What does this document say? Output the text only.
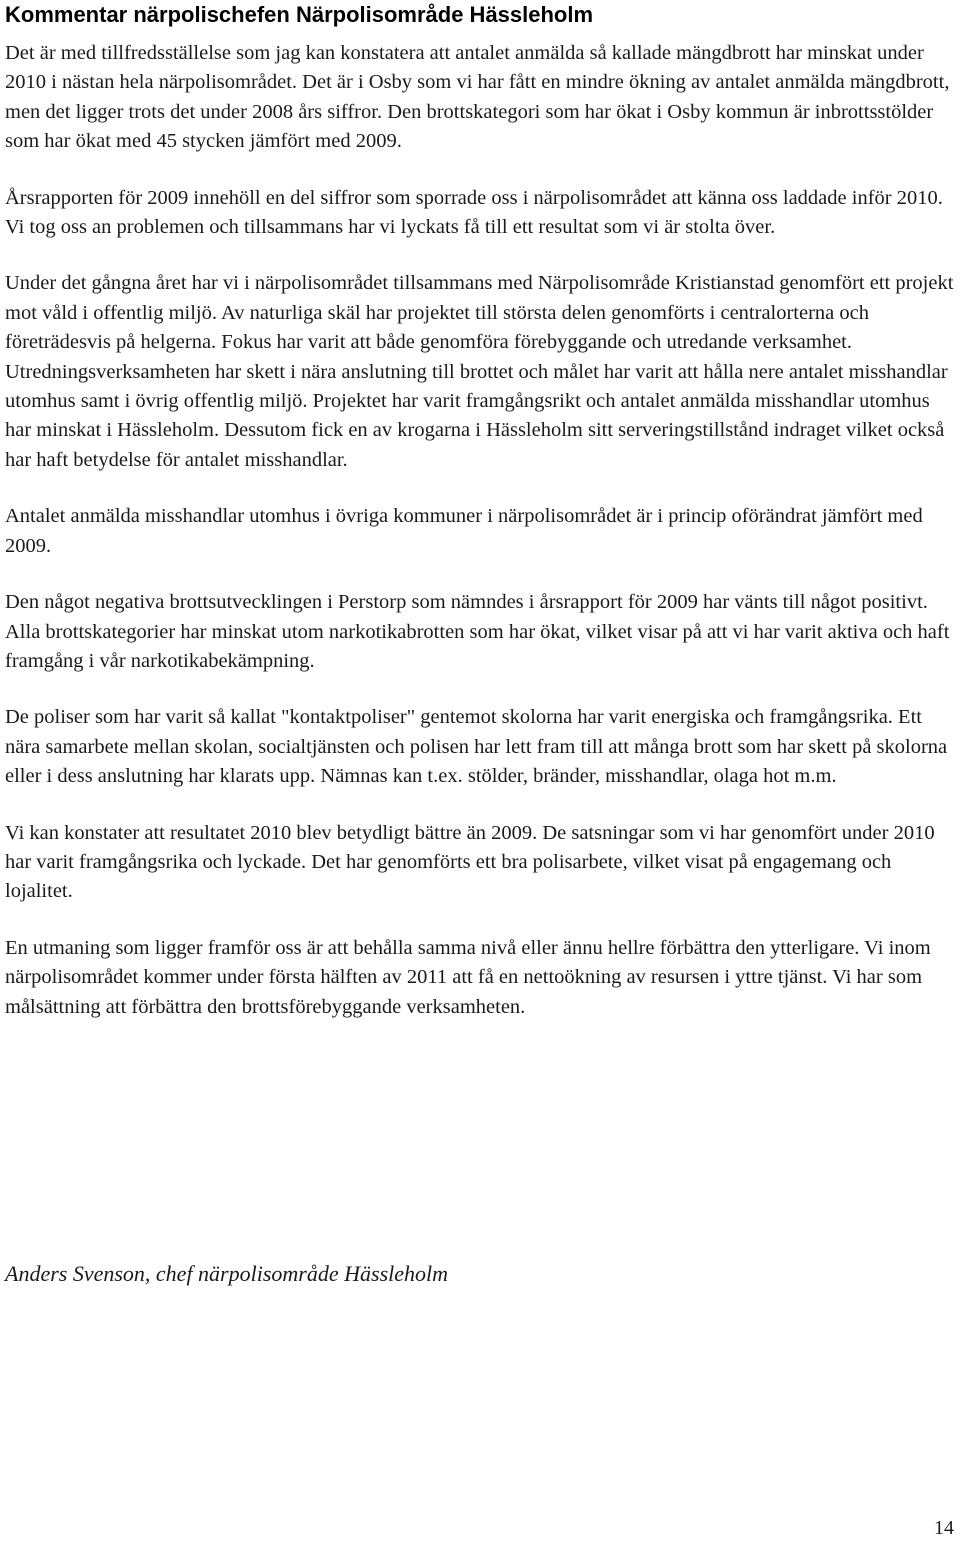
Kommentar närpolischefen Närpolisområde Hässleholm

Det är med tillfredsställelse som jag kan konstatera att antalet anmälda så kallade mängdbrott har minskat under 2010 i nästan hela närpolisområdet. Det är i Osby som vi har fått en mindre ökning av antalet anmälda mängdbrott, men det ligger trots det under 2008 års siffror. Den brottskategori som har ökat i Osby kommun är inbrottsstölder som har ökat med 45 stycken jämfört med 2009.

Årsrapporten för 2009 innehöll en del siffror som sporrade oss i närpolisområdet att känna oss laddade inför 2010. Vi tog oss an problemen och tillsammans har vi lyckats få till ett resultat som vi är stolta över.

Under det gångna året har vi i närpolisområdet tillsammans med Närpolisområde Kristianstad genomfört ett projekt mot våld i offentlig miljö. Av naturliga skäl har projektet till största delen genomförts i centralorterna och företrädesvis på helgerna. Fokus har varit att både genomföra förebyggande och utredande verksamhet. Utredningsverksamheten har skett i nära anslutning till brottet och målet har varit att hålla nere antalet misshandlar utomhus samt i övrig offentlig miljö. Projektet har varit framgångsrikt och antalet anmälda misshandlar utomhus har minskat i Hässleholm. Dessutom fick en av krogarna i Hässleholm sitt serveringstillstånd indraget vilket också har haft betydelse för antalet misshandlar.

Antalet anmälda misshandlar utomhus i övriga kommuner i närpolisområdet är i princip oförändrat jämfört med 2009.

Den något negativa brottsutvecklingen i Perstorp som nämndes i årsrapport för 2009 har vänts till något positivt. Alla brottskategorier har minskat utom narkotikabrotten som har ökat, vilket visar på att vi har varit aktiva och haft framgång i vår narkotikabekämpning.

De poliser som har varit så kallat "kontaktpoliser" gentemot skolorna har varit energiska och framgångsrika. Ett nära samarbete mellan skolan, socialtjänsten och polisen har lett fram till att många brott som har skett på skolorna eller i dess anslutning har klarats upp. Nämnas kan t.ex. stölder, bränder, misshandlar, olaga hot m.m.

Vi kan konstater att resultatet 2010 blev betydligt bättre än 2009. De satsningar som vi har genomfört under 2010 har varit framgångsrika och lyckade. Det har genomförts ett bra polisarbete, vilket visat på engagemang och lojalitet.

En utmaning som ligger framför oss är att behålla samma nivå eller ännu hellre förbättra den ytterligare. Vi inom närpolisområdet kommer under första hälften av 2011 att få en nettoökning av resursen i yttre tjänst. Vi har som målsättning att förbättra den brottsförebyggande verksamheten.

Anders Svenson, chef närpolisområde Hässleholm

14
